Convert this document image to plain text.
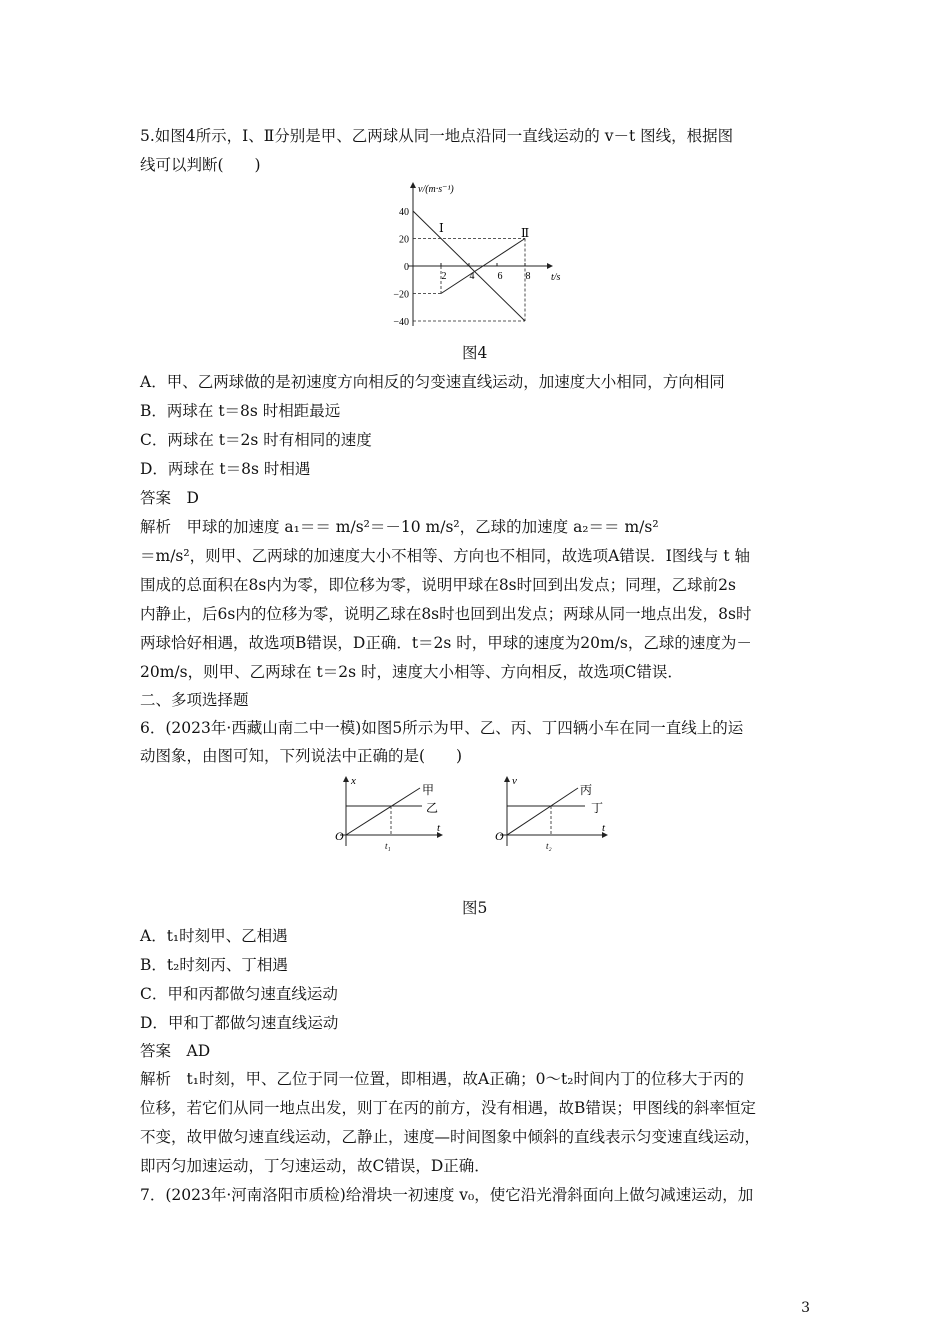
5.如图4所示，Ⅰ、Ⅱ分别是甲、乙两球从同一地点沿同一直线运动的 v－t 图线，根据图
线可以判断(　　)
v/(m·s⁻¹)
t/s
40
20
0
−20
−40
2 4 6 8
Ⅰ	Ⅱ
图4
A．甲、乙两球做的是初速度方向相反的匀变速直线运动，加速度大小相同，方向相同
B．两球在 t＝8s 时相距最远
C．两球在 t＝2s 时有相同的速度
D．两球在 t＝8s 时相遇
答案　D
解析　甲球的加速度 a₁＝＝ m/s²＝－10 m/s²，乙球的加速度 a₂＝＝ m/s²
＝m/s²，则甲、乙两球的加速度大小不相等、方向也不相同，故选项A错误．Ⅰ图线与 t 轴
围成的总面积在8s内为零，即位移为零，说明甲球在8s时回到出发点；同理，乙球前2s
内静止，后6s内的位移为零，说明乙球在8s时也回到出发点；两球从同一地点出发，8s时
两球恰好相遇，故选项B错误，D正确．t＝2s 时，甲球的速度为20m/s，乙球的速度为－
20m/s，则甲、乙两球在 t＝2s 时，速度大小相等、方向相反，故选项C错误．
二、多项选择题
6．(2023年·西藏山南二中一模)如图5所示为甲、乙、丙、丁四辆小车在同一直线上的运
动图象，由图可知，下列说法中正确的是(　　)
x
t
O
甲
乙
t₁
v
t
O
丙
丁
t₂
图5
A．t₁时刻甲、乙相遇
B．t₂时刻丙、丁相遇
C．甲和丙都做匀速直线运动
D．甲和丁都做匀速直线运动
答案　AD
解析　t₁时刻，甲、乙位于同一位置，即相遇，故A正确；0～t₂时间内丁的位移大于丙的
位移，若它们从同一地点出发，则丁在丙的前方，没有相遇，故B错误；甲图线的斜率恒定
不变，故甲做匀速直线运动，乙静止，速度—时间图象中倾斜的直线表示匀变速直线运动，
即丙匀加速运动，丁匀速运动，故C错误，D正确．
7．(2023年·河南洛阳市质检)给滑块一初速度 v₀，使它沿光滑斜面向上做匀减速运动，加
3
